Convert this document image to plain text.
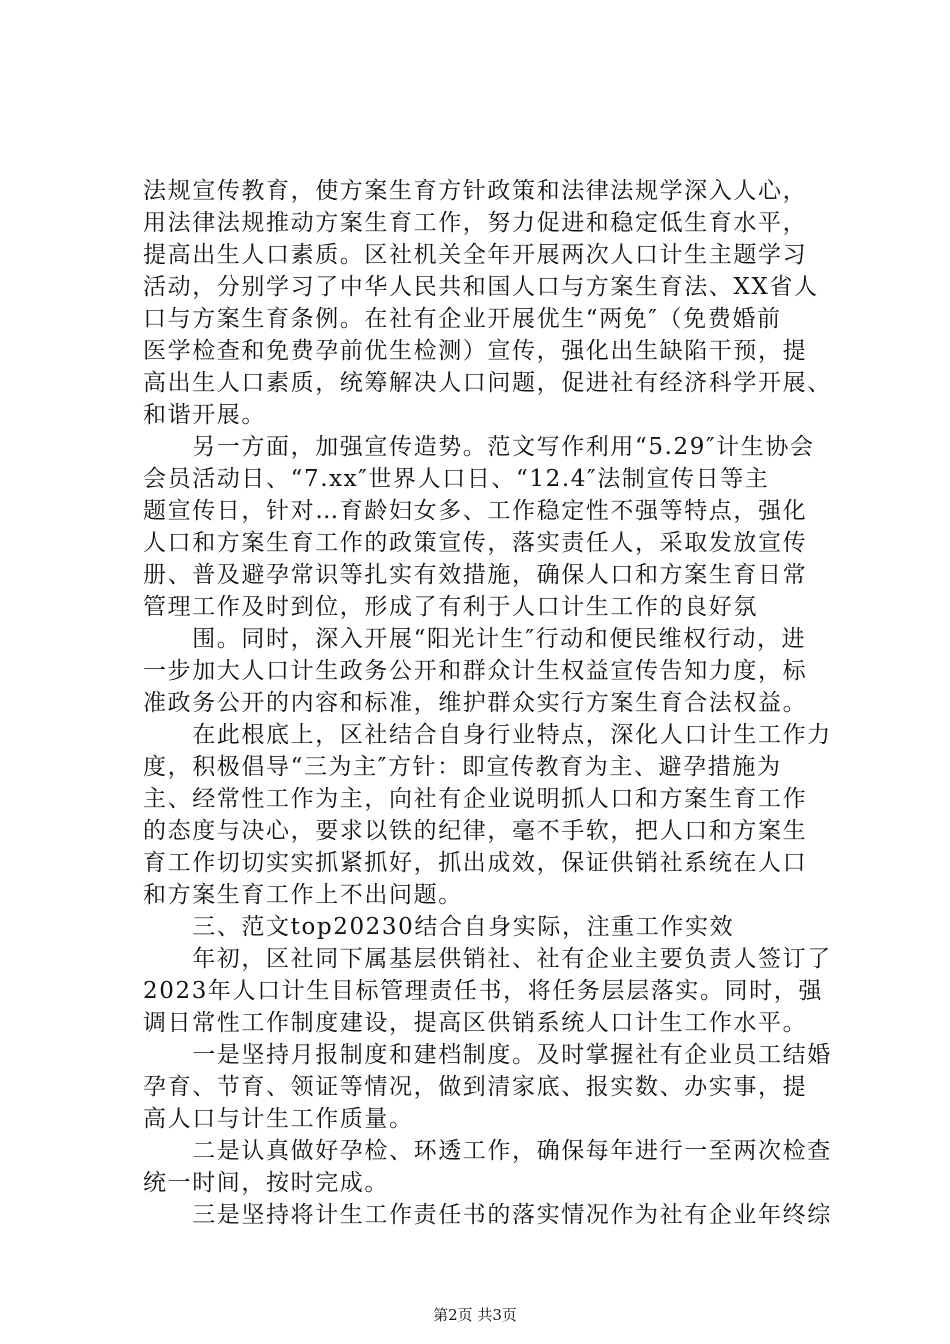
法规宣传教育，使方案生育方针政策和法律法规学深入人心，

用法律法规推动方案生育工作，努力促进和稳定低生育水平，

提高出生人口素质。区社机关全年开展两次人口计生主题学习

活动，分别学习了中华人民共和国人口与方案生育法、XX省人

口与方案生育条例。在社有企业开展优生“两免″（免费婚前

医学检查和免费孕前优生检测）宣传，强化出生缺陷干预，提

高出生人口素质，统筹解决人口问题，促进社有经济科学开展、

和谐开展。

　　另一方面，加强宣传造势。范文写作利用“5.29″计生协会

会员活动日、“7.xx″世界人口日、“12.4″法制宣传日等主

题宣传日，针对…育龄妇女多、工作稳定性不强等特点，强化

人口和方案生育工作的政策宣传，落实责任人，采取发放宣传

册、普及避孕常识等扎实有效措施，确保人口和方案生育日常

管理工作及时到位，形成了有利于人口计生工作的良好氛

　　围。同时，深入开展“阳光计生″行动和便民维权行动，进

一步加大人口计生政务公开和群众计生权益宣传告知力度，标

准政务公开的内容和标准，维护群众实行方案生育合法权益。

　　在此根底上，区社结合自身行业特点，深化人口计生工作力

度，积极倡导“三为主″方针：即宣传教育为主、避孕措施为

主、经常性工作为主，向社有企业说明抓人口和方案生育工作

的态度与决心，要求以铁的纪律，毫不手软，把人口和方案生

育工作切切实实抓紧抓好，抓出成效，保证供销社系统在人口

和方案生育工作上不出问题。

　　三、范文top20230结合自身实际，注重工作实效

　　年初，区社同下属基层供销社、社有企业主要负责人签订了

2023年人口计生目标管理责任书，将任务层层落实。同时，强

调日常性工作制度建设，提高区供销系统人口计生工作水平。

　　一是坚持月报制度和建档制度。及时掌握社有企业员工结婚

孕育、节育、领证等情况，做到清家底、报实数、办实事，提

高人口与计生工作质量。

　　二是认真做好孕检、环透工作，确保每年进行一至两次检查

统一时间，按时完成。

　　三是坚持将计生工作责任书的落实情况作为社有企业年终综

第2页 共3页
